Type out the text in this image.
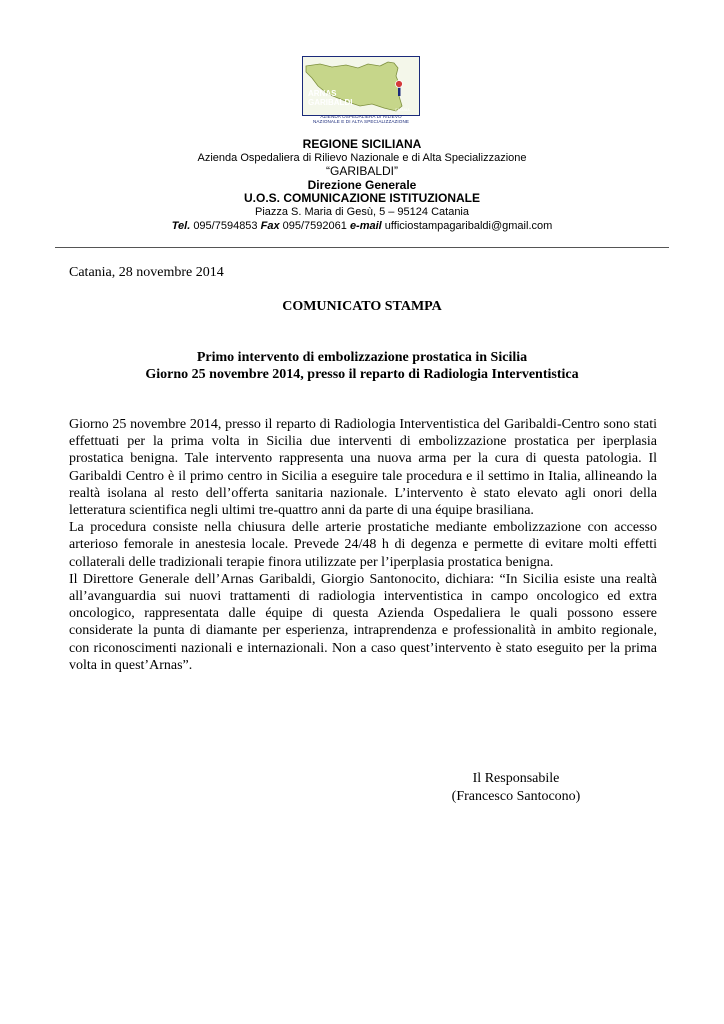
ARNAS
GARIBALDI
CATANIA
AZIENDA OSPEDALIERA DI RILIEVO
NAZIONALE E DI ALTA SPECIALIZZAZIONE
REGIONE SICILIANA
Azienda Ospedaliera di Rilievo Nazionale e di Alta Specializzazione
“GARIBALDI”
Direzione Generale
U.O.S. COMUNICAZIONE ISTITUZIONALE
Piazza S. Maria di Gesù, 5 – 95124 Catania
Tel. 095/7594853 Fax 095/7592061 e-mail ufficiostampagaribaldi@gmail.com
Catania, 28 novembre 2014
COMUNICATO STAMPA
Primo intervento di embolizzazione prostatica in Sicilia
Giorno 25 novembre 2014, presso il reparto di Radiologia Interventistica

Giorno 25 novembre 2014, presso il reparto di Radiologia Interventistica del Garibaldi-Centro sono stati effettuati per la prima volta in Sicilia due interventi di embolizzazione prostatica per iperplasia prostatica benigna. Tale intervento rappresenta una nuova arma per la cura di questa patologia. Il Garibaldi Centro è il primo centro in Sicilia a eseguire tale procedura e il settimo in Italia, allineando la realtà isolana al resto dell’offerta sanitaria nazionale. L’intervento è stato elevato agli onori della letteratura scientifica negli ultimi tre-quattro anni da parte di una équipe brasiliana.

La procedura consiste nella chiusura delle arterie prostatiche mediante embolizzazione con accesso arterioso femorale in anestesia locale. Prevede 24/48 h di degenza e permette di evitare molti effetti collaterali delle tradizionali terapie finora utilizzate per l’iperplasia prostatica benigna.

Il Direttore Generale dell’Arnas Garibaldi, Giorgio Santonocito, dichiara: “In Sicilia esiste una realtà all’avanguardia sui nuovi trattamenti di radiologia interventistica in campo oncologico ed extra oncologico, rappresentata dalle équipe di questa Azienda Ospedaliera le quali possono essere considerate la punta di diamante per esperienza, intraprendenza e professionalità in ambito regionale, con riconoscimenti nazionali e internazionali. Non a caso quest’intervento è stato eseguito per la prima volta in quest’Arnas”.

Il Responsabile
(Francesco Santocono)
